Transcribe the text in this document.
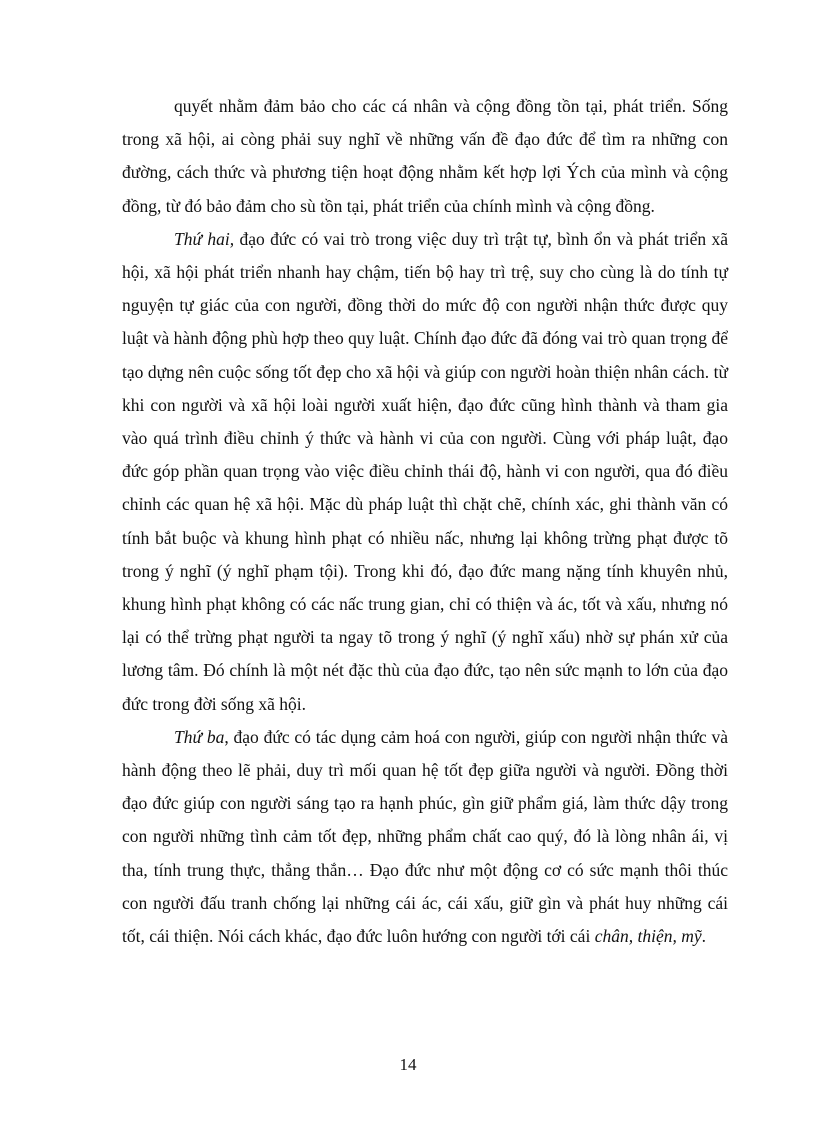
quyết nhằm đảm bảo cho các cá nhân và cộng đồng tồn tại, phát triển. Sống trong xã hội, ai còng phải suy nghĩ về những vấn đề đạo đức để tìm ra những con đường, cách thức và phương tiện hoạt động nhằm kết hợp lợi Ých của mình và cộng đồng, từ đó bảo đảm cho sù tồn tại, phát triển của chính mình và cộng đồng.

Thứ hai, đạo đức có vai trò trong việc duy trì trật tự, bình ổn và phát triển xã hội, xã hội phát triển nhanh hay chậm, tiến bộ hay trì trệ, suy cho cùng là do tính tự nguyện tự giác của con người, đồng thời do mức độ con người nhận thức được quy luật và hành động phù hợp theo quy luật. Chính đạo đức đã đóng vai trò quan trọng để tạo dựng nên cuộc sống tốt đẹp cho xã hội và giúp con người hoàn thiện nhân cách. từ khi con người và xã hội loài người xuất hiện, đạo đức cũng hình thành và tham gia vào quá trình điều chỉnh ý thức và hành vi của con người. Cùng với pháp luật, đạo đức góp phần quan trọng vào việc điều chỉnh thái độ, hành vi con người, qua đó điều chỉnh các quan hệ xã hội. Mặc dù pháp luật thì chặt chẽ, chính xác, ghi thành văn có tính bắt buộc và khung hình phạt có nhiều nấc, nhưng lại không trừng phạt được tõ trong ý nghĩ (ý nghĩ phạm tội). Trong khi đó, đạo đức mang nặng tính khuyên nhủ, khung hình phạt không có các nấc trung gian, chỉ có thiện và ác, tốt và xấu, nhưng nó lại có thể trừng phạt người ta ngay tõ trong ý nghĩ (ý nghĩ xấu) nhờ sự phán xử của lương tâm. Đó chính là một nét đặc thù của đạo đức, tạo nên sức mạnh to lớn của đạo đức trong đời sống xã hội.

Thứ ba, đạo đức có tác dụng cảm hoá con người, giúp con người nhận thức và hành động theo lẽ phải, duy trì mối quan hệ tốt đẹp giữa người và người. Đồng thời đạo đức giúp con người sáng tạo ra hạnh phúc, gìn giữ phẩm giá, làm thức dậy trong con người những tình cảm tốt đẹp, những phẩm chất cao quý, đó là lòng nhân ái, vị tha, tính trung thực, thẳng thắn… Đạo đức như một động cơ có sức mạnh thôi thúc con người đấu tranh chống lại những cái ác, cái xấu, giữ gìn và phát huy những cái tốt, cái thiện. Nói cách khác, đạo đức luôn hướng con người tới cái chân, thiện, mỹ.

14
